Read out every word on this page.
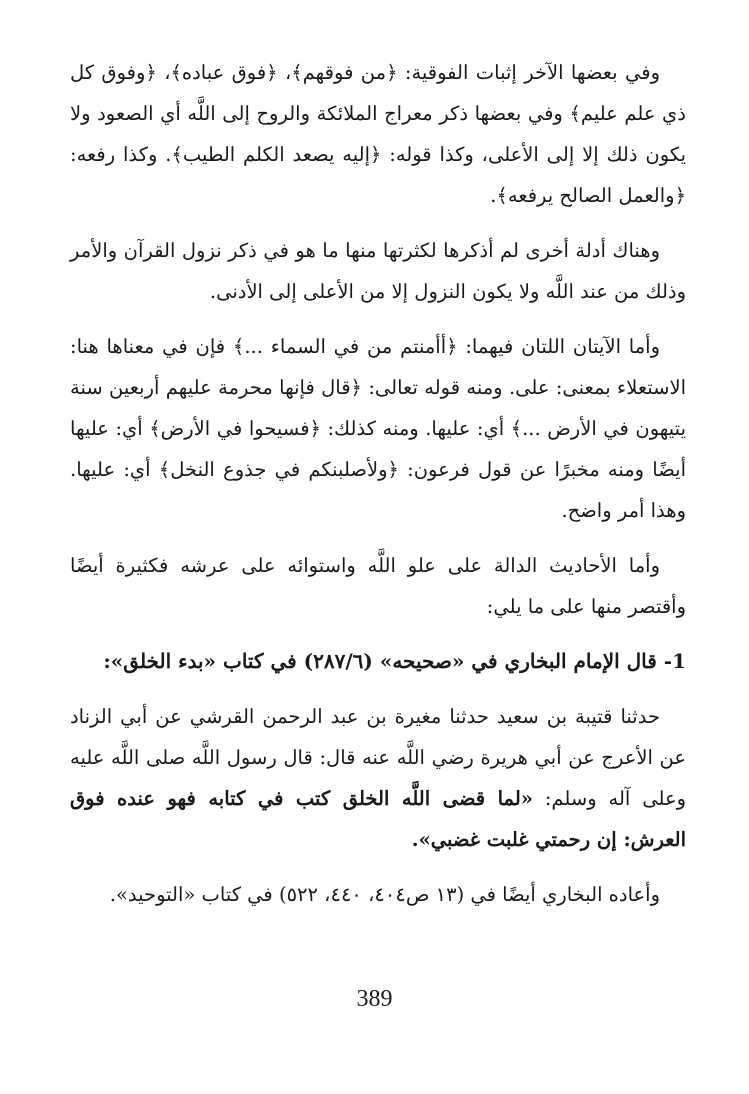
وفي بعضها الآخر إثبات الفوقية: ﴿من فوقهم﴾، ﴿فوق عباده﴾، ﴿وفوق كل ذي علم عليم﴾ وفي بعضها ذكر معراج الملائكة والروح إلى اللَّه أي الصعود ولا يكون ذلك إلا إلى الأعلى، وكذا قوله: ﴿إليه يصعد الكلم الطيب﴾. وكذا رفعه: ﴿والعمل الصالح يرفعه﴾.

وهناك أدلة أخرى لم أذكرها لكثرتها منها ما هو في ذكر نزول القرآن والأمر وذلك من عند اللَّه ولا يكون النزول إلا من الأعلى إلى الأدنى.

وأما الآيتان اللتان فيهما: ﴿أأمنتم من في السماء ...﴾ فإن في معناها هنا: الاستعلاء بمعنى: على. ومنه قوله تعالى: ﴿قال فإنها محرمة عليهم أربعين سنة يتيهون في الأرض ...﴾ أي: عليها. ومنه كذلك: ﴿فسيحوا في الأرض﴾ أي: عليها أيضًا ومنه مخبرًا عن قول فرعون: ﴿ولأصلبنكم في جذوع النخل﴾ أي: عليها. وهذا أمر واضح.

وأما الأحاديث الدالة على علو اللَّه واستوائه على عرشه فكثيرة أيضًا وأقتصر منها على ما يلي:

1- قال الإمام البخاري في «صحيحه» (٢٨٧/٦) في كتاب «بدء الخلق»:

حدثنا قتيبة بن سعيد حدثنا مغيرة بن عبد الرحمن القرشي عن أبي الزناد عن الأعرج عن أبي هريرة رضي اللَّه عنه قال: قال رسول اللَّه صلى اللَّه عليه وعلى آله وسلم: «لما قضى اللَّه الخلق كتب في كتابه فهو عنده فوق العرش: إن رحمتي غلبت غضبي».

وأعاده البخاري أيضًا في (١٣ ص٤٠٤، ٤٤٠، ٥٢٢) في كتاب «التوحيد».

389
